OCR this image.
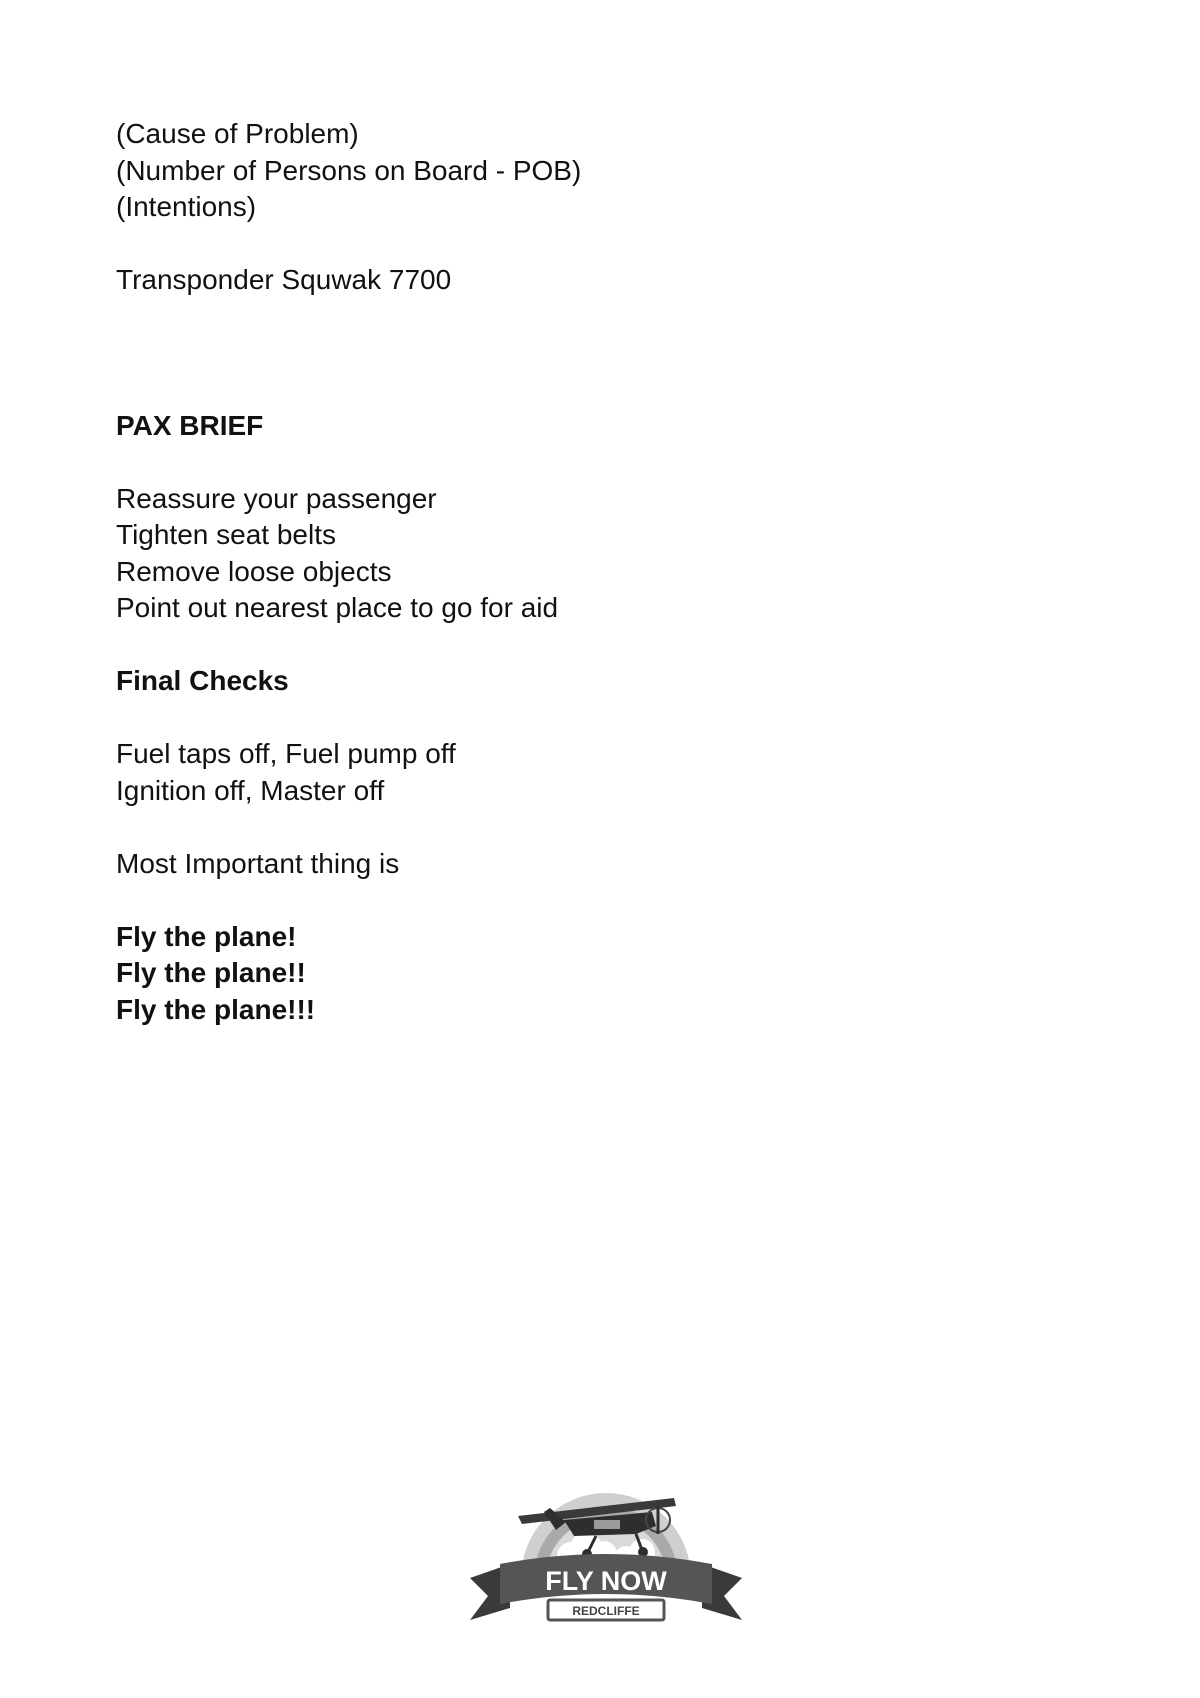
(Cause of Problem)
(Number of Persons on Board - POB)
(Intentions)
Transponder Squwak 7700
PAX BRIEF
Reassure your passenger
Tighten seat belts
Remove loose objects
Point out nearest place to go for aid
Final Checks
Fuel taps off, Fuel pump off
Ignition off, Master off
Most Important thing is
Fly the plane!
Fly the plane!!
Fly the plane!!!
FLY NOW
REDCLIFFE
